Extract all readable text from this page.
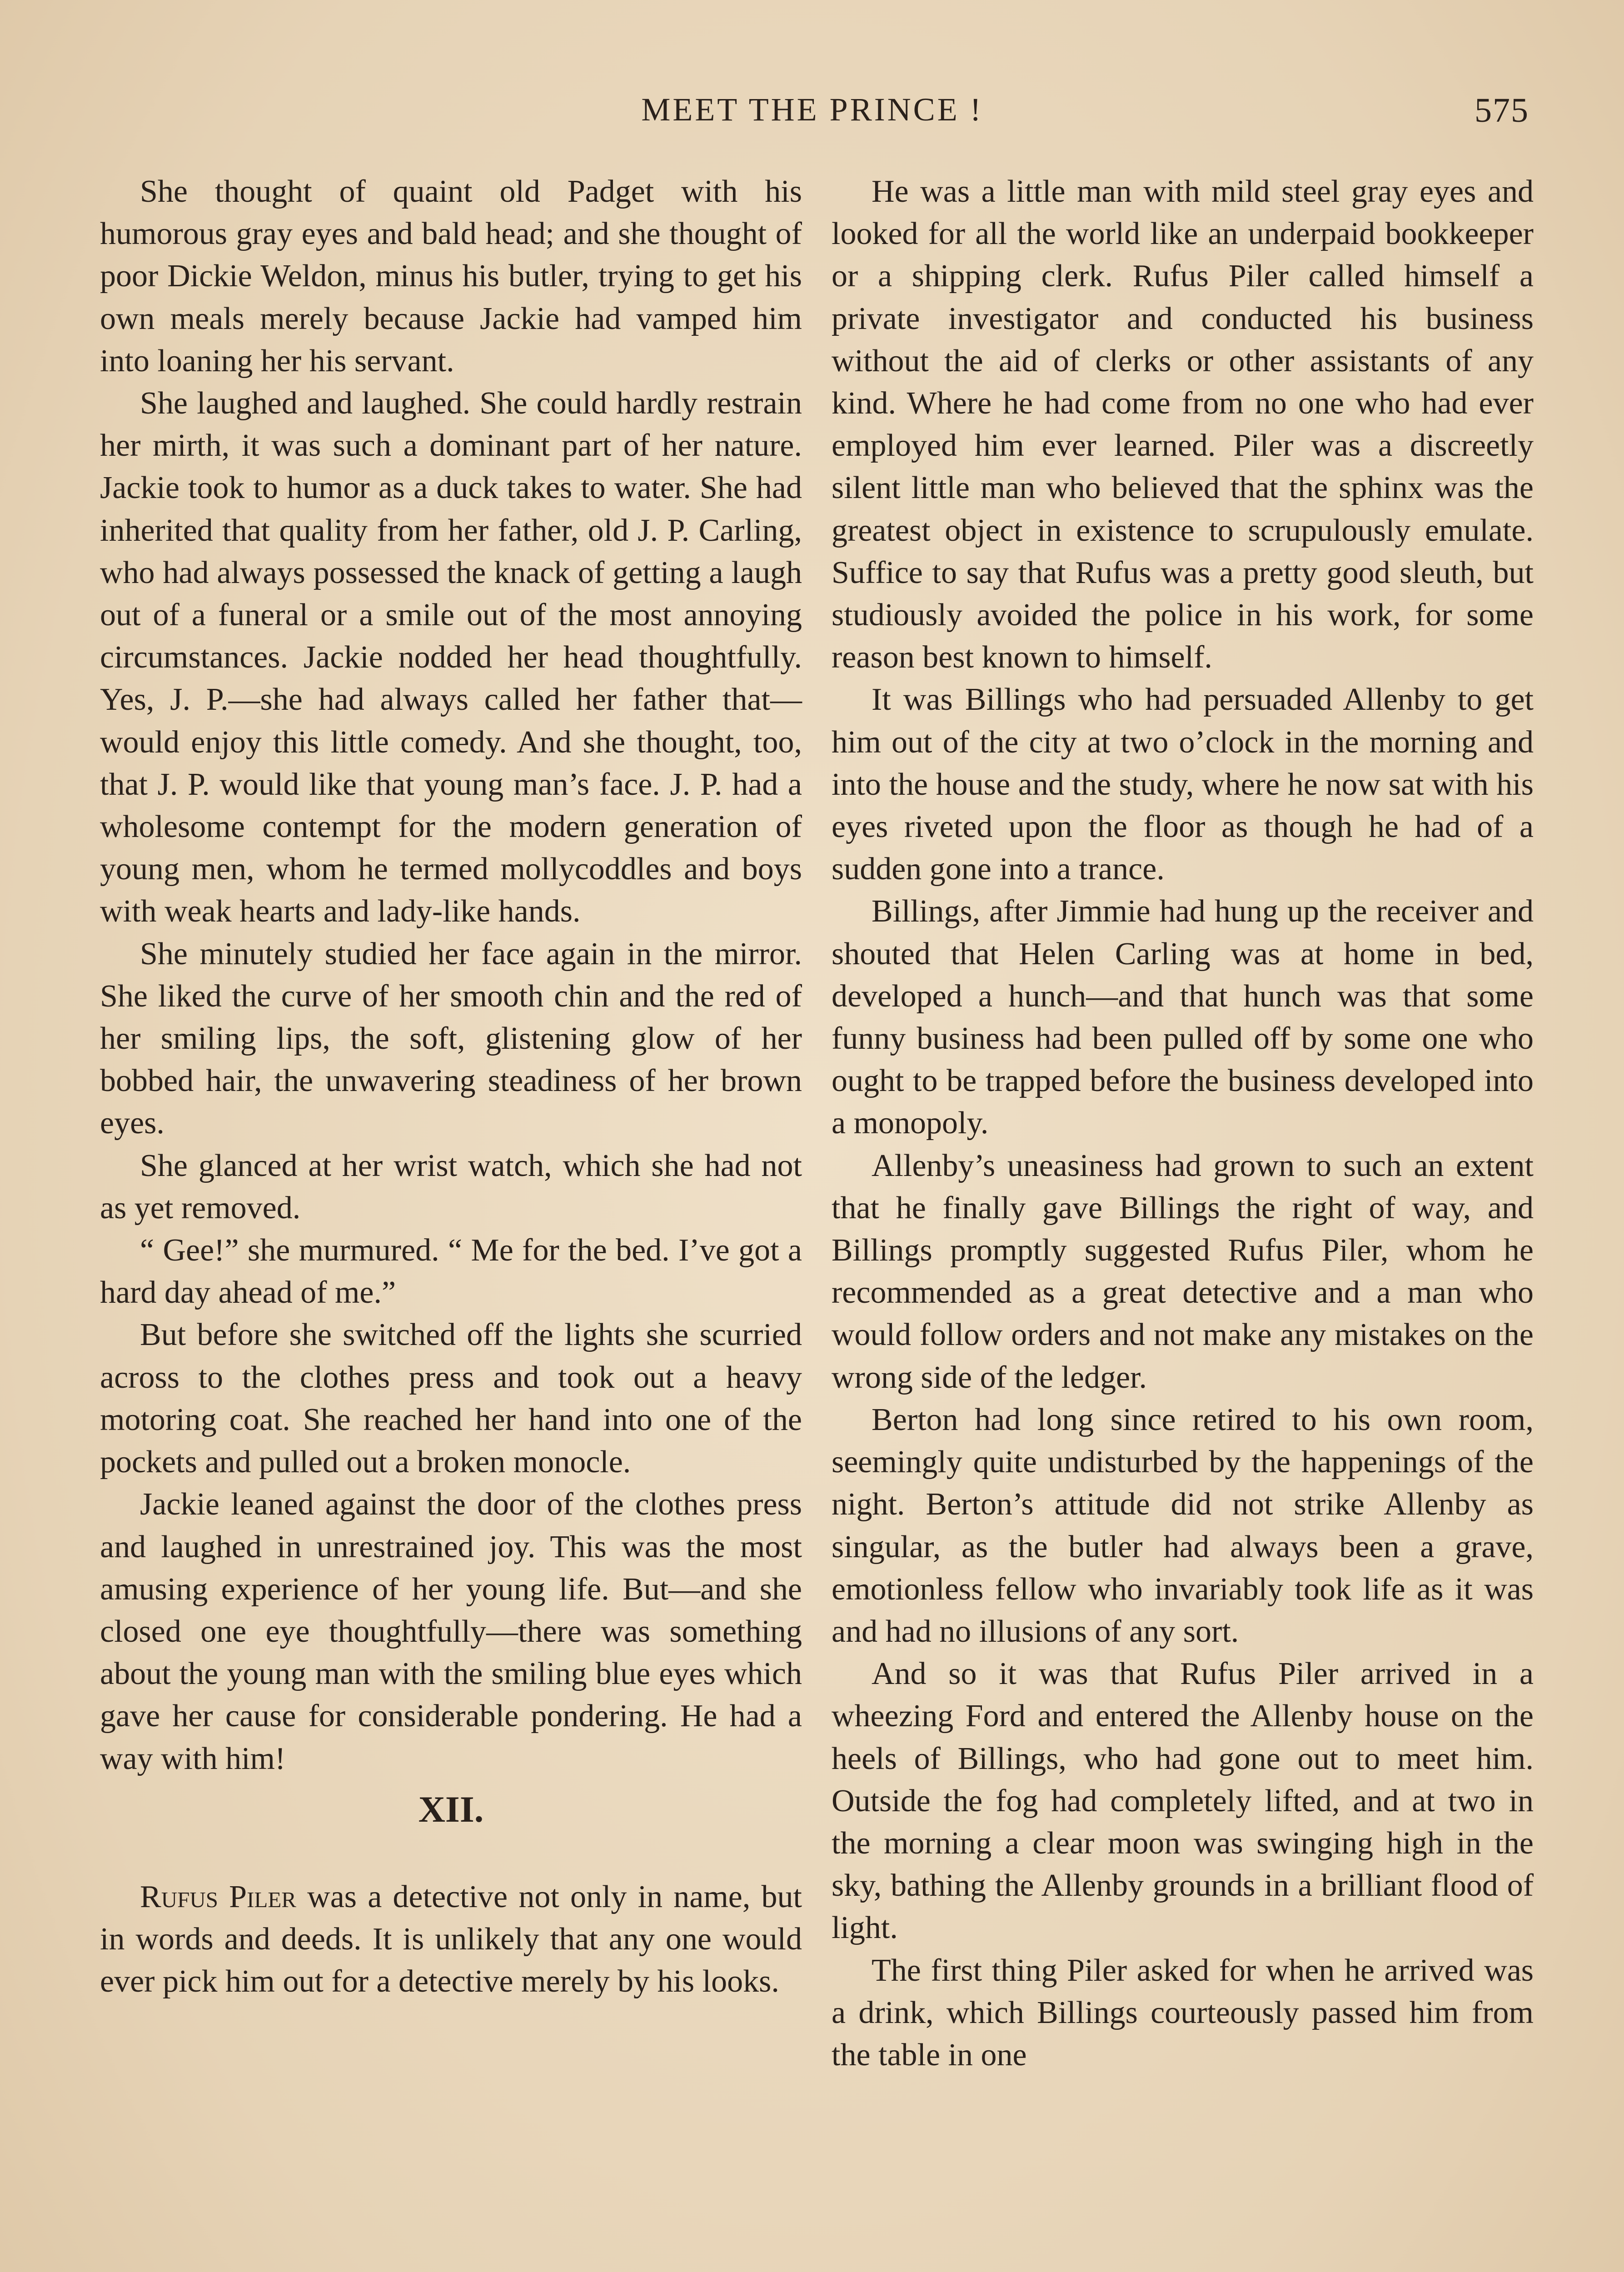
MEET THE PRINCE !	575

She thought of quaint old Padget with his humorous gray eyes and bald head; and she thought of poor Dickie Weldon, minus his butler, trying to get his own meals merely because Jackie had vamped him into loaning her his servant.

She laughed and laughed. She could hardly restrain her mirth, it was such a dominant part of her nature. Jackie took to humor as a duck takes to water. She had inherited that quality from her father, old J. P. Carling, who had always possessed the knack of getting a laugh out of a funeral or a smile out of the most annoying circumstances. Jackie nodded her head thoughtfully. Yes, J. P.—she had always called her father that—would enjoy this little comedy. And she thought, too, that J. P. would like that young man’s face. J. P. had a wholesome contempt for the modern generation of young men, whom he termed mollycoddles and boys with weak hearts and lady-like hands.

She minutely studied her face again in the mirror. She liked the curve of her smooth chin and the red of her smiling lips, the soft, glistening glow of her bobbed hair, the unwavering steadiness of her brown eyes.

She glanced at her wrist watch, which she had not as yet removed.

“ Gee!” she murmured. “ Me for the bed. I’ve got a hard day ahead of me.”

But before she switched off the lights she scurried across to the clothes press and took out a heavy motoring coat. She reached her hand into one of the pockets and pulled out a broken monocle.

Jackie leaned against the door of the clothes press and laughed in unrestrained joy. This was the most amusing experience of her young life. But—and she closed one eye thoughtfully—there was something about the young man with the smiling blue eyes which gave her cause for considerable pondering. He had a way with him!

XII.

Rufus Piler was a detective not only in name, but in words and deeds. It is unlikely that any one would ever pick him out for a detective merely by his looks.

He was a little man with mild steel gray eyes and looked for all the world like an underpaid bookkeeper or a shipping clerk. Rufus Piler called himself a private investigator and conducted his business without the aid of clerks or other assistants of any kind. Where he had come from no one who had ever employed him ever learned. Piler was a discreetly silent little man who believed that the sphinx was the greatest object in existence to scrupulously emulate. Suffice to say that Rufus was a pretty good sleuth, but studiously avoided the police in his work, for some reason best known to himself.

It was Billings who had persuaded Allenby to get him out of the city at two o’clock in the morning and into the house and the study, where he now sat with his eyes riveted upon the floor as though he had of a sudden gone into a trance.

Billings, after Jimmie had hung up the receiver and shouted that Helen Carling was at home in bed, developed a hunch—and that hunch was that some funny business had been pulled off by some one who ought to be trapped before the business developed into a monopoly.

Allenby’s uneasiness had grown to such an extent that he finally gave Billings the right of way, and Billings promptly suggested Rufus Piler, whom he recommended as a great detective and a man who would follow orders and not make any mistakes on the wrong side of the ledger.

Berton had long since retired to his own room, seemingly quite undisturbed by the happenings of the night. Berton’s attitude did not strike Allenby as singular, as the butler had always been a grave, emotionless fellow who invariably took life as it was and had no illusions of any sort.

And so it was that Rufus Piler arrived in a wheezing Ford and entered the Allenby house on the heels of Billings, who had gone out to meet him. Outside the fog had completely lifted, and at two in the morning a clear moon was swinging high in the sky, bathing the Allenby grounds in a brilliant flood of light.

The first thing Piler asked for when he arrived was a drink, which Billings courteously passed him from the table in one
